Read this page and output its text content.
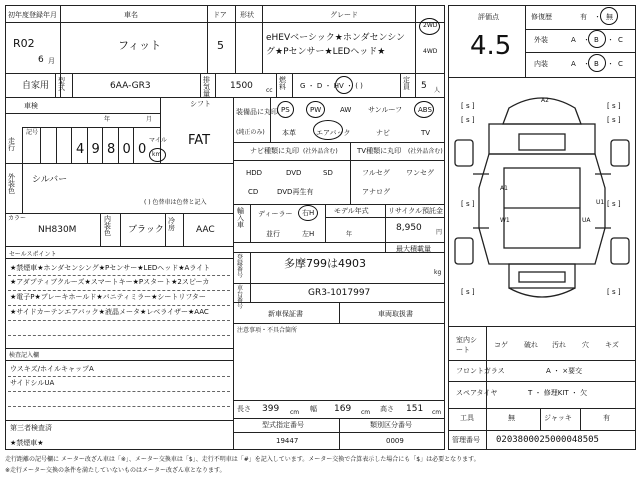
初年度登録年月	車名	ドア 形状	グレード
R02
6 月
フィット	5
eHEVベーシック★ホンダセンシン
グ★Pセンサー★LEDヘッド★
2WD
4WD
自家用 型式	6AA-GR3
排気量
1500 cc
燃料 G ・ D ・ HV ・ ( )
定員 5 人
車検
年	月
シフト
FAT
走行
記号
4 9 8 0 0
マイル
km
外装色
シルバー
( ) 色替車は色替と記入
カラー
NH830M
内装色 ブラック
冷房 AAC
セールスポイント
★禁煙車★ホンダセンシング★Pセンサー★LEDヘッド★Aライト
★アダプティブクルーズ★スマートキー★Pスタート★2スピーカ
★電子P★ブレーキホールド★バニティミラー★シートリフター
★サイドカーテンエアバック★液晶メータ★レベライザー★AAC
検査記入欄
ウスキズ/ホイルキャップA
サイドシルUA
第三者検査済
★禁煙車★
装備品に丸印
(純正のみ)
PS	PW	AW サンルーフ ABS
本革	エアバック	ナビ	TV
ナビ種類に丸印 (社外品含む)	TV種類に丸印 (社外品含む)
HDD	DVD	SD
CD	DVD再生有
フルセグ ワンセグ
アナログ
輸入車
ディーラー 右H
並行	左H
モデル年式
年
リサイクル預託金
8,950 円
最大積載量
登録番号
多摩799は4903
kg
車台番号
GR3-1017997
新車保証書	車両取扱書
注意事項・不具合箇所
長さ 399 cm 幅 169 cm 高さ 151 cm
型式指定番号	類別区分番号
19447	0009
評価点
4.5
修復歴	有 ・ 無
外装	A ・ B ・ C
内装	A ・ B ・ C
[ s ]	[ s ]
[ s ]	[ s ]
[ s ]	[ s ]
[ s ]	[ s ]
A2
A1
W1
U1
UA
室内シート
コゲ 破れ 汚れ 穴 キズ
フロントガラス	A ・ ×要交
スペアタイヤ	T ・ 修理KIT ・ 欠
工具	無	ジャッキ	有
管理番号 0203800025000048505
走行距離の記号欄に メーター改ざん車は「※」、メーター交換車は「$」、走行不明車は「#」を記入しています。メーター交換で合算表示した場合にも「$」は必要となります。
※走行メーター交換の条件を満たしていないものはメーター改ざん車となります。
